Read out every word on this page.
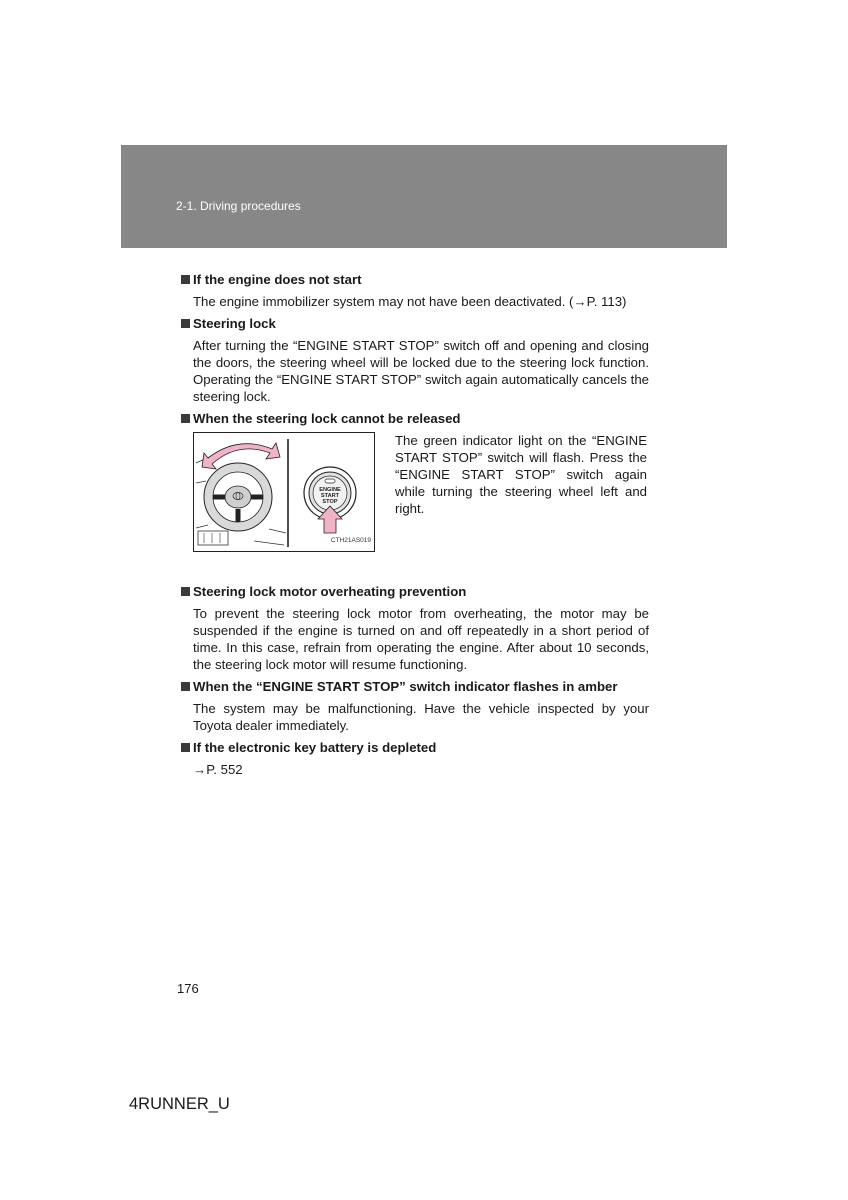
2-1. Driving procedures
If the engine does not start
The engine immobilizer system may not have been deactivated. (→P. 113)
Steering lock
After turning the “ENGINE START STOP” switch off and opening and closing the doors, the steering wheel will be locked due to the steering lock function. Operating the “ENGINE START STOP” switch again automatically cancels the steering lock.
When the steering lock cannot be released
ENGINE
START
STOP
CTH21AS019
The green indicator light on the “ENGINE START STOP” switch will flash. Press the “ENGINE START STOP” switch again while turning the steering wheel left and right.
Steering lock motor overheating prevention
To prevent the steering lock motor from overheating, the motor may be suspended if the engine is turned on and off repeatedly in a short period of time. In this case, refrain from operating the engine. After about 10 seconds, the steering lock motor will resume functioning.
When the “ENGINE START STOP” switch indicator flashes in amber
The system may be malfunctioning. Have the vehicle inspected by your Toyota dealer immediately.
If the electronic key battery is depleted
→P. 552
176
4RUNNER_U
